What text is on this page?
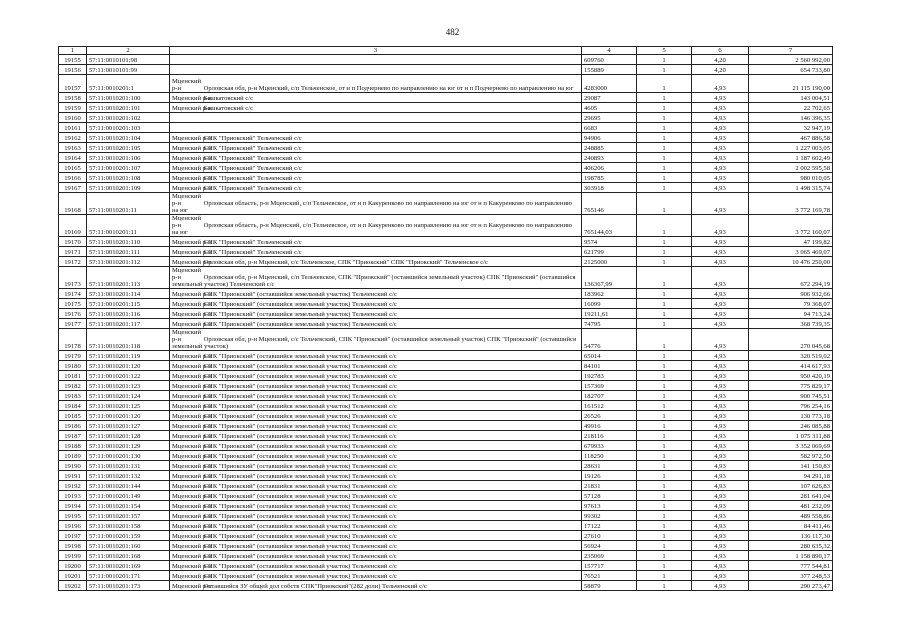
482
1	2	3	4	5	6	7
19155	57:11:0010101:98		609760	1	4,20	2 560 992,00
19156	57:11:0010101:99		155889	1	4,20	654 733,80
19157	57:11:0010201:1	Мценский р-н Орловская обл, р-н Мценский, с/п Тельченское, от н п Подчернево по направлению на юг от н п Подчернево по направлению на юг	4283000	1	4,93	21 115 190,00
19158	57:11:0010201:100	Мценский р-н Башкатовский с/с	29087	1	4,93	143 004,51
19159	57:11:0010201:101	Мценский р-н Башкатовский с/с	4605	1	4,93	22 702,65
19160	57:11:0010201:102		29695	1	4,93	146 396,35
19161	57:11:0010201:103		6683	1	4,93	32 947,19
19162	57:11:0010201:104	Мценский р-н СПК "Приокский" Тельченский с/с	94906	1	4,93	467 886,58
19163	57:11:0010201:105	Мценский р-н СПК "Приокский" Тельченский с/с	248885	1	4,93	1 227 003,05
19164	57:11:0010201:106	Мценский р-н СПК "Приокский" Тельченский с/с	240893	1	4,93	1 187 602,49
19165	57:11:0010201:107	Мценский р-н СПК "Приокский" Тельченский с/с	406206	1	4,93	2 002 595,58
19166	57:11:0010201:108	Мценский р-н СПК "Приокский" Тельченский с/с	198785	1	4,93	980 010,05
19167	57:11:0010201:109	Мценский р-н СПК "Приокский" Тельченский с/с	303918	1	4,93	1 498 315,74
19168	57:11:0010201:11	Мценский р-н Орловская область, р-н Мценский, с/п Тельчевское, от н п Какуренково по направлению на юг от н п Какуренково по направлению на юг	765146	1	4,93	3 772 169,78
19169	57:11:0010201:11	Мценский р-н Орловская область, р-н Мценский, с/п Тельчевское, от н п Какуренково по направлению на юг от н п Какуренково по направлению на юг	765144,03	1	4,93	3 772 160,07
19170	57:11:0010201:110	Мценский р-н СПК "Приокский" Тельченский с/с	9574	1	4,93	47 199,82
19171	57:11:0010201:111	Мценский р-н СПК "Приокский" Тельченский с/с	621799	1	4,93	3 065 469,07
19172	57:11:0010201:112	Мценский р-н Орловская обл, р-н Мценский, с/с Тельчевское, СПК "Приокский" СПК "Приокский" Тельченское с/с	2125000	1	4,93	10 476 250,00
19173	57:11:0010201:113	Мценский р-н Орловская обл, р-н Мценский, с/п Тельчевское, СПК "Приокский" (оставшийся земельный участок) СПК "Приокский" (оставшийся земельный участок) Тельченский с/с	136367,99	1	4,93	672 294,19
19174	57:11:0010201:114	Мценский р-н СПК "Приокский" (оставшийся земельный участок) Тельченский с/с	183962	1	4,93	906 932,66
19175	57:11:0010201:115	Мценский р-н СПК "Приокский" (оставшийся земельный участок) Тельченский с/с	16099	1	4,93	79 368,07
19176	57:11:0010201:116	Мценский р-н СПК "Приокский" (оставшийся земельный участок) Тельченский с/с	19211,61	1	4,93	94 713,24
19177	57:11:0010201:117	Мценский р-н СПК "Приокский" (оставшийся земельный участок) Тельченский с/с	74795	1	4,93	368 739,35
19178	57:11:0010201:118	Мценский р-н Орловская обл, р-н Мценский, с/с Тельчевский, СПК "Приокский" (оставшийся земельный участок) СПК "Приокский" (оставшийся земельный участок)	54776	1	4,93	270 045,68
19179	57:11:0010201:119	Мценский р-н СПК "Приокский" (оставшийся земельный участок) Тельченский с/с	65014	1	4,93	320 519,02
19180	57:11:0010201:120	Мценский р-н СПК "Приокский" (оставшийся земельный участок) Тельченский с/с	84101	1	4,93	414 617,93
19181	57:11:0010201:122	Мценский р-н СПК "Приокский" (оставшийся земельный участок) Тельченский с/с	192783	1	4,93	950 420,19
19182	57:11:0010201:123	Мценский р-н СПК "Приокский" (оставшийся земельный участок) Тельченский с/с	157369	1	4,93	775 829,17
19183	57:11:0010201:124	Мценский р-н СПК "Приокский" (оставшийся земельный участок) Тельченский с/с	182707	1	4,93	900 745,51
19184	57:11:0010201:125	Мценский р-н СПК "Приокский" (оставшийся земельный участок) Тельченский с/с	161512	1	4,93	796 254,16
19185	57:11:0010201:126	Мценский р-н СПК "Приокский" (оставшийся земельный участок) Тельченский с/с	26526	1	4,93	130 773,18
19186	57:11:0010201:127	Мценский р-н СПК "Приокский" (оставшийся земельный участок) Тельченский с/с	49916	1	4,93	246 085,88
19187	57:11:0010201:128	Мценский р-н СПК "Приокский" (оставшийся земельный участок) Тельченский с/с	218116	1	4,93	1 075 311,88
19188	57:11:0010201:129	Мценский р-н СПК "Приокский" (оставшийся земельный участок) Тельченский с/с	679933	1	4,93	3 352 069,69
19189	57:11:0010201:130	Мценский р-н СПК "Приокский" (оставшийся земельный участок) Тельченский с/с	118250	1	4,93	582 972,50
19190	57:11:0010201:131	Мценский р-н СПК "Приокский" (оставшийся земельный участок) Тельченский с/с	28631	1	4,93	141 150,83
19191	57:11:0010201:132	Мценский р-н СПК "Приокский" (оставшийся земельный участок) Тельченский с/с	19126	1	4,93	94 291,18
19192	57:11:0010201:144	Мценский р-н СПК "Приокский" (оставшийся земельный участок) Тельченский с/с	21831	1	4,93	107 626,83
19193	57:11:0010201:149	Мценский р-н СПК "Приокский" (оставшийся земельный участок) Тельченский с/с	57128	1	4,93	281 641,04
19194	57:11:0010201:154	Мценский р-н СПК "Приокский" (оставшийся земельный участок) Тельченский с/с	97613	1	4,93	481 232,09
19195	57:11:0010201:157	Мценский р-н СПК "Приокский" (оставшийся земельный участок) Тельченский с/с	99302	1	4,93	489 558,86
19196	57:11:0010201:158	Мценский р-н СПК "Приокский" (оставшийся земельный участок) Тельченский с/с	17122	1	4,93	84 411,46
19197	57:11:0010201:159	Мценский р-н СПК "Приокский" (оставшийся земельный участок) Тельченский с/с	27610	1	4,93	136 117,30
19198	57:11:0010201:160	Мценский р-н СПК "Приокский" (оставшийся земельный участок) Тельченский с/с	56924	1	4,93	280 635,32
19199	57:11:0010201:168	Мценский р-н СПК "Приокский" (оставшийся земельный участок) Тельченский с/с	235069	1	4,93	1 158 890,17
19200	57:11:0010201:169	Мценский р-н СПК "Приокский" (оставшийся земельный участок) Тельченский с/с	157717	1	4,93	777 544,81
19201	57:11:0010201:171	Мценский р-н СПК "Приокский" (оставшийся земельный участок) Тельченский с/с	76521	1	4,93	377 248,53
19202	57:11:0010201:173	Мценский р-н Оставшийся ЗУ общей дол собств СПК"Приокский"(282 доли) Тельченский с/с	58879	1	4,93	290 273,47
